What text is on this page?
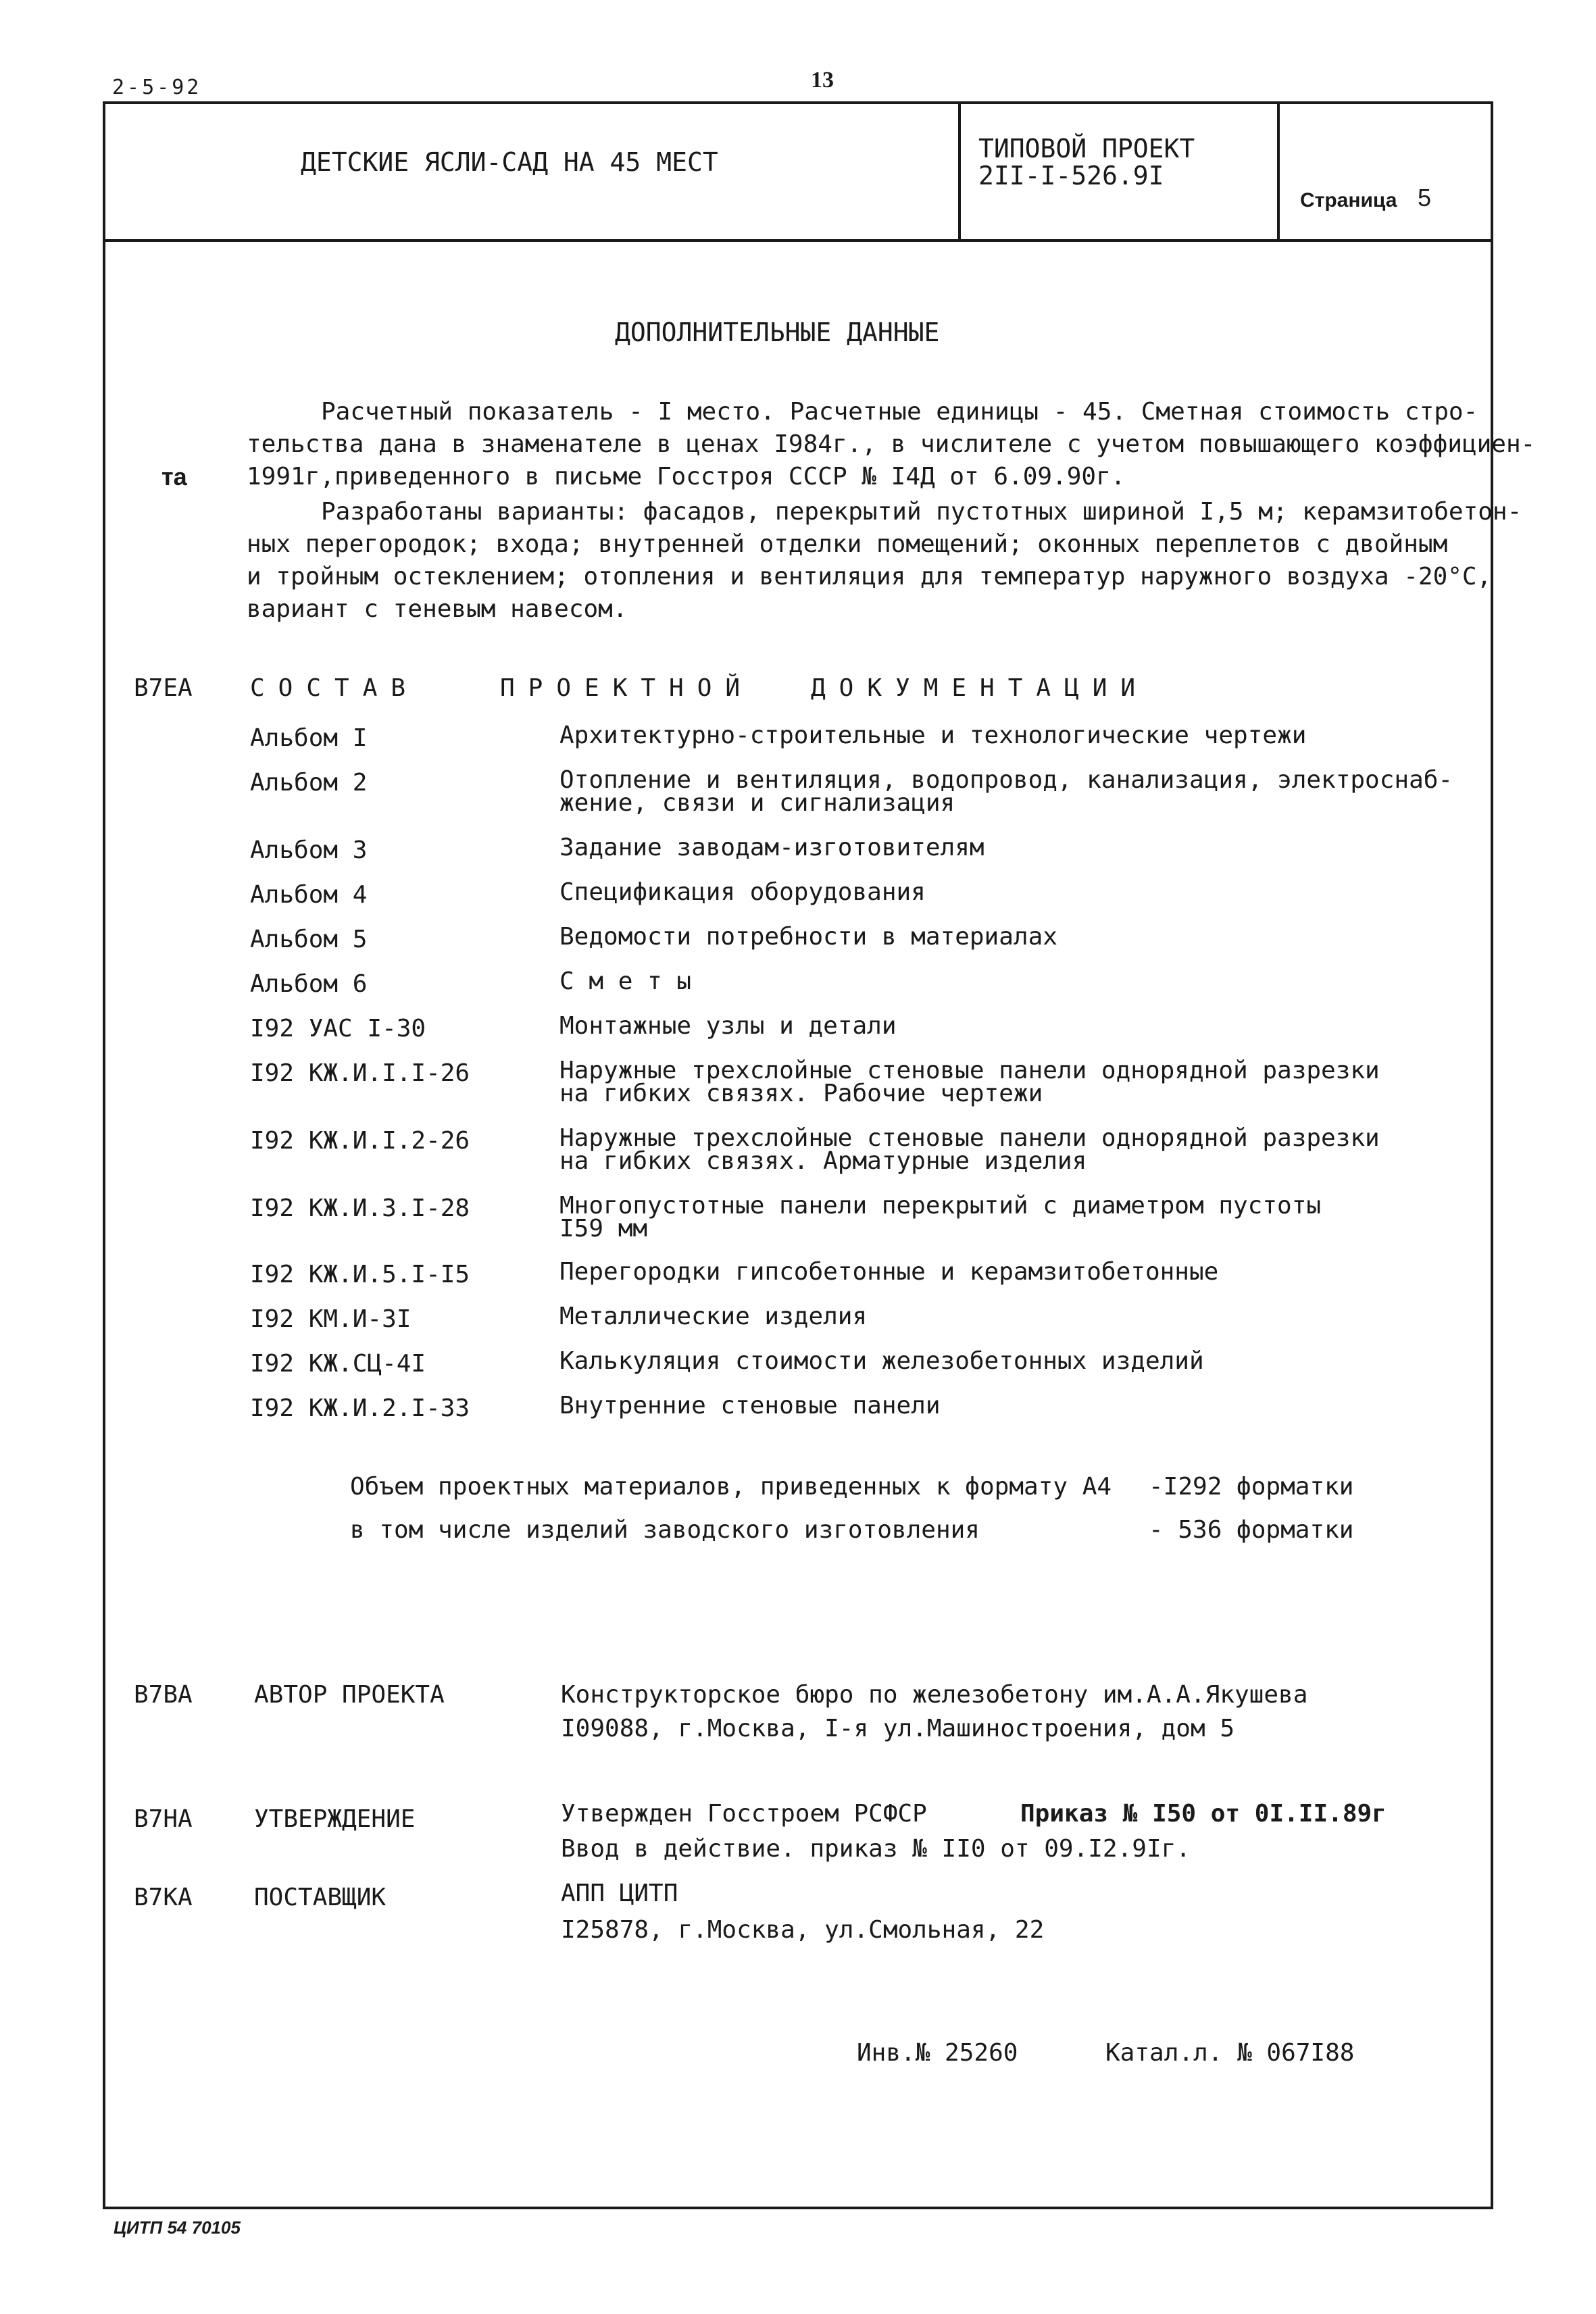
2-5-92	13
ДЕТСКИЕ ЯСЛИ-САД НА 45 МЕСТ	ТИПОВОЙ ПРОЕКТ
2II-I-526.9I
Страница 5
ДОПОЛНИТЕЛЬНЫЕ ДАННЫЕ
Расчетный показатель - I место. Расчетные единицы - 45. Сметная стоимость стро-
тельства дана в знаменателе в ценах I984г., в числителе с учетом повышающего коэффициен-
та 1991г,приведенного в письме Госстроя СССР № I4Д от 6.09.90г.
Разработаны варианты: фасадов, перекрытий пустотных шириной I,5 м; керамзитобетон-
ных перегородок; входа; внутренней отделки помещений; оконных переплетов с двойным
и тройным остеклением; отопления и вентиляция для температур наружного воздуха -20°С,
вариант с теневым навесом.
В7ЕА СОСТАВ	ПРОЕКТНОЙ ДОКУМЕНТАЦИИ
Альбом I	Архитектурно-строительные и технологические чертежи
Альбом 2	Отопление и вентиляция, водопровод, канализация, электроснаб-
жение, связи и сигнализация
Альбом 3	Задание заводам-изготовителям
Альбом 4	Спецификация оборудования
Альбом 5	Ведомости потребности в материалах
Альбом 6	С м е т ы
I92 УАС I-30	Монтажные узлы и детали
I92 КЖ.И.I.I-26	Наружные трехслойные стеновые панели однорядной разрезки
на гибких связях. Рабочие чертежи
I92 КЖ.И.I.2-26	Наружные трехслойные стеновые панели однорядной разрезки
на гибких связях. Арматурные изделия
I92 КЖ.И.3.I-28	Многопустотные панели перекрытий с диаметром пустоты
I59 мм
I92 КЖ.И.5.I-I5	Перегородки гипсобетонные и керамзитобетонные
I92 КМ.И-3I	Металлические изделия
I92 КЖ.СЦ-4I	Калькуляция стоимости железобетонных изделий
I92 КЖ.И.2.I-33	Внутренние стеновые панели
Объем проектных материалов, приведенных к формату А4 -I292 форматки
в том числе изделий заводского изготовления	- 536 форматки
В7ВА	АВТОР ПРОЕКТА	Конструкторское бюро по железобетону им.А.А.Якушева
I09088, г.Москва, I-я ул.Машиностроения, дом 5
В7НА	УТВЕРЖДЕНИЕ	Утвержден Госстроем РСФСР	Приказ № I50 от 0I.II.89г
Ввод в действие. приказ № II0 от 09.I2.9Iг.
В7КА	ПОСТАВЩИК	АПП ЦИТП
I25878, г.Москва, ул.Смольная, 22
Инв.№ 25260	Катал.л. № 067I88
ЦИТП 54 70105
